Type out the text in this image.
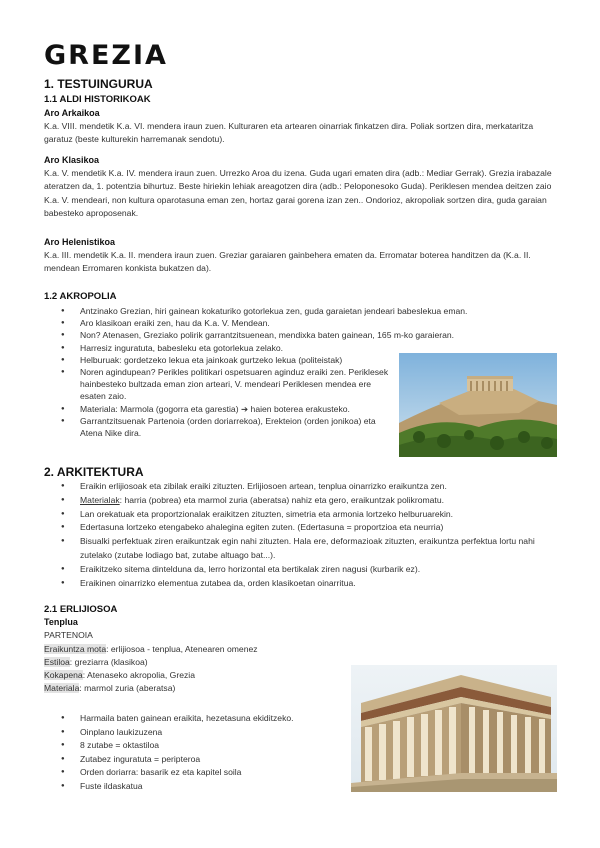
GREZIA
1. TESTUINGURUA
1.1 ALDI HISTORIKOAK
Aro Arkaikoa

K.a. VIII. mendetik K.a. VI. mendera iraun zuen. Kulturaren eta artearen oinarriak finkatzen dira. Poliak sortzen dira, merkataritza garatuz (beste kulturekin harremanak sendotu).

Aro Klasikoa

K.a. V. mendetik K.a. IV. mendera iraun zuen. Urrezko Aroa du izena. Guda ugari ematen dira (adb.: Mediar Gerrak). Grezia irabazale ateratzen da, 1. potentzia bihurtuz. Beste hiriekin lehiak areagotzen dira (adb.: Peloponesoko Guda). Periklesen mendea deitzen zaio K.a. V. mendeari, non kultura oparotasuna eman zen, hortaz garai gorena izan zen.. Ondorioz, akropoliak sortzen dira, guda garaian babesteko aproposenak.

Aro Helenistikoa

K.a. III. mendetik K.a. II. mendera iraun zuen. Greziar garaiaren gainbehera ematen da. Erromatar boterea handitzen da (K.a. II. mendean Erromaren konkista bukatzen da).

1.2 AKROPOLIA
● Antzinako Grezian, hiri gainean kokaturiko gotorlekua zen, guda garaietan jendeari babeslekua eman.
● Aro klasikoan eraiki zen, hau da K.a. V. Mendean.
● Non? Atenasen, Greziako polirik garrantzitsuenean, mendixka baten gainean, 165 m-ko garaieran.
● Harresiz inguratuta, babesleku eta gotorlekua zelako.
● Helburuak: gordetzeko lekua eta jainkoak gurtzeko lekua (politeistak)
● Noren agindupean? Perikles politikari ospetsuaren aginduz eraiki zen. Periklesek hainbesteko bultzada eman zion arteari, V. mendeari Periklesen mendea ere esaten zaio.
● Materiala: Marmola (gogorra eta garestia) ➔ haien boterea erakusteko.
● Garrantzitsuenak Partenoia (orden doriarrekoa), Erekteion (orden jonikoa) eta Atena Nike dira.
2. ARKITEKTURA
● Eraikin erlijiosoak eta zibilak eraiki zituzten. Erlijiosoen artean, tenplua oinarrizko eraikuntza zen.
● Materialak: harria (pobrea) eta marmol zuria (aberatsa) nahiz eta gero, eraikuntzak polikromatu.
● Lan orekatuak eta proportzionalak eraikitzen zituzten, simetria eta armonia lortzeko helburuarekin.
● Edertasuna lortzeko etengabeko ahalegina egiten zuten. (Edertasuna = proportzioa eta neurria)
● Bisualki perfektuak ziren eraikuntzak egin nahi zituzten. Hala ere, deformazioak zituzten, eraikuntza perfektua lortu nahi zutelako (zutabe lodiago bat, zutabe altuago bat...).
● Eraikitzeko sitema dintelduna da, lerro horizontal eta bertikalak ziren nagusi (kurbarik ez).
● Eraikinen oinarrizko elementua zutabea da, orden klasikoetan oinarritua.
2.1 ERLIJIOSOA
Tenplua
PARTENOIA
Eraikuntza mota: erlijiosoa - tenplua, Atenearen omenez
Estiloa: greziarra (klasikoa)
Kokapena: Atenaseko akropolia, Grezia
Materiala: marmol zuria (aberatsa)
● Harmaila baten gainean eraikita, hezetasuna ekiditzeko.
● Oinplano laukizuzena
● 8 zutabe = oktastiloa
● Zutabez inguratuta = peripteroa
● Orden doriarra: basarik ez eta kapitel soila
● Fuste ildaskatua
